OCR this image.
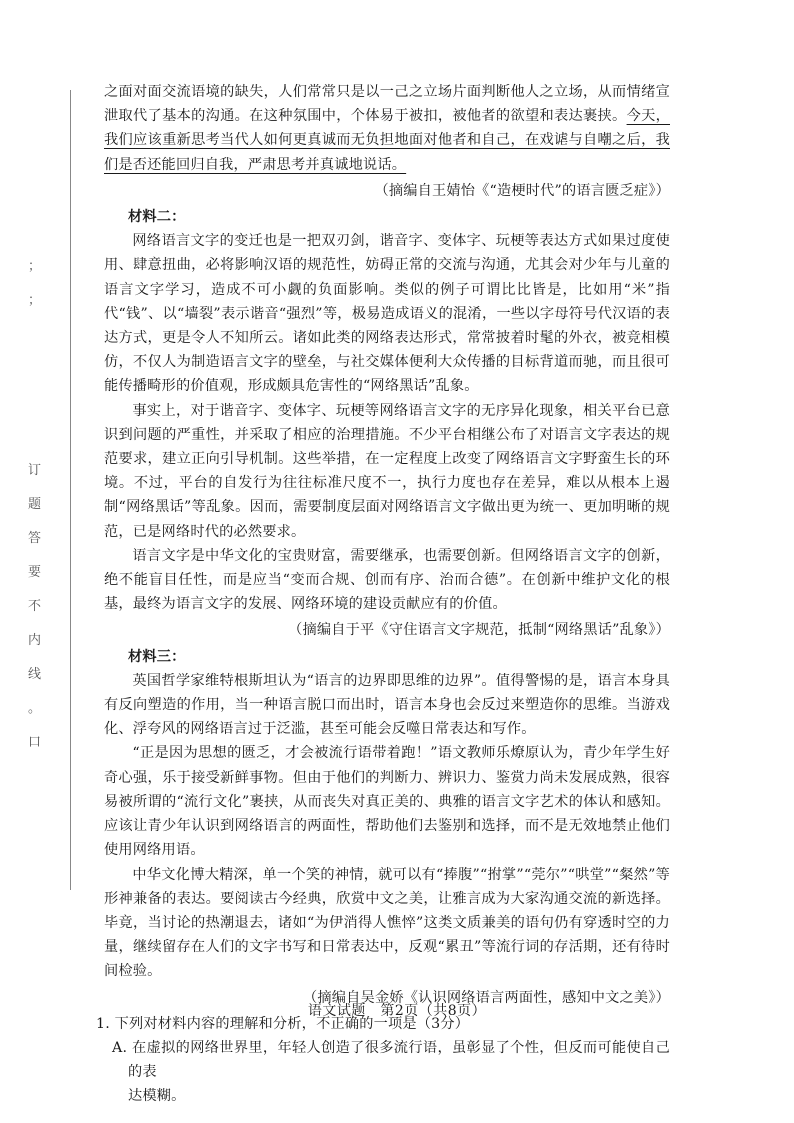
；
；
订
题
答
要
不
内
线
。
口

之面对面交流语境的缺失，人们常常只是以一己之立场片面判断他人之立场，从而情绪宣泄取代了基本的沟通。在这种氛围中，个体易于被扣，被他者的欲望和表达裹挟。今天，我们应该重新思考当代人如何更真诚而无负担地面对他者和自己，在戏谑与自嘲之后，我们是否还能回归自我，严肃思考并真诚地说话。

（摘编自王婧怡《“造梗时代”的语言匮乏症》）

材料二：

网络语言文字的变迁也是一把双刃剑，谐音字、变体字、玩梗等表达方式如果过度使用、肆意扭曲，必将影响汉语的规范性，妨碍正常的交流与沟通，尤其会对少年与儿童的语言文字学习，造成不可小觑的负面影响。类似的例子可谓比比皆是，比如用“米”指代“钱”、以“墙裂”表示谐音“强烈”等，极易造成语义的混淆，一些以字母符号代汉语的表达方式，更是令人不知所云。诸如此类的网络表达形式，常常披着时髦的外衣，被竞相模仿，不仅人为制造语言文字的壁垒，与社交媒体便利大众传播的目标背道而驰，而且很可能传播畸形的价值观，形成颇具危害性的“网络黑话”乱象。

事实上，对于谐音字、变体字、玩梗等网络语言文字的无序异化现象，相关平台已意识到问题的严重性，并采取了相应的治理措施。不少平台相继公布了对语言文字表达的规范要求，建立正向引导机制。这些举措，在一定程度上改变了网络语言文字野蛮生长的环境。不过，平台的自发行为往往标准尺度不一，执行力度也存在差异，难以从根本上遏制“网络黑话”等乱象。因而，需要制度层面对网络语言文字做出更为统一、更加明晰的规范，已是网络时代的必然要求。

语言文字是中华文化的宝贵财富，需要继承，也需要创新。但网络语言文字的创新，绝不能盲目任性，而是应当“变而合规、创而有序、治而合德”。在创新中维护文化的根基，最终为语言文字的发展、网络环境的建设贡献应有的价值。

（摘编自于平《守住语言文字规范，抵制“网络黑话”乱象》）

材料三：

英国哲学家维特根斯坦认为“语言的边界即思维的边界”。值得警惕的是，语言本身具有反向塑造的作用，当一种语言脱口而出时，语言本身也会反过来塑造你的思维。当游戏化、浮夸风的网络语言过于泛滥，甚至可能会反噬日常表达和写作。

“正是因为思想的匮乏，才会被流行语带着跑！”语文教师乐燎原认为，青少年学生好奇心强，乐于接受新鲜事物。但由于他们的判断力、辨识力、鉴赏力尚未发展成熟，很容易被所谓的“流行文化”裹挟，从而丧失对真正美的、典雅的语言文字艺术的体认和感知。应该让青少年认识到网络语言的两面性，帮助他们去鉴别和选择，而不是无效地禁止他们使用网络用语。

中华文化博大精深，单一个笑的神情，就可以有“捧腹”“拊掌”“莞尔”“哄堂”“粲然”等形神兼备的表达。要阅读古今经典，欣赏中文之美，让雅言成为大家沟通交流的新选择。毕竟，当讨论的热潮退去，诸如“为伊消得人憔悴”这类文质兼美的语句仍有穿透时空的力量，继续留存在人们的文字书写和日常表达中，反观“累丑”等流行词的存活期，还有待时间检验。

（摘编自吴金娇《认识网络语言两面性，感知中文之美》）

1. 下列对材料内容的理解和分析，不正确的一项是（3分）

A. 在虚拟的网络世界里，年轻人创造了很多流行语，虽彰显了个性，但反而可能使自己的表
达模糊。

语文试题　第2页（共8页）
